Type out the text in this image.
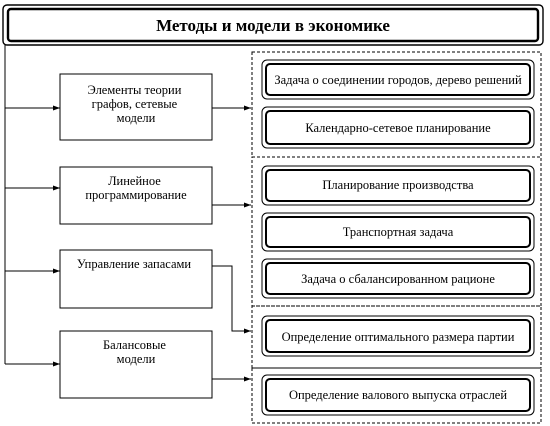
Методы и модели в экономике
Элементы теории графов, сетевые модели
Линейное программирование
Управление запасами
Балансовые модели
Задача о соединении городов, дерево решений
Календарно-сетевое планирование
Планирование производства
Транспортная задача
Задача о сбалансированном рационе
Определение оптимального размера партии
Определение валового выпуска отраслей
